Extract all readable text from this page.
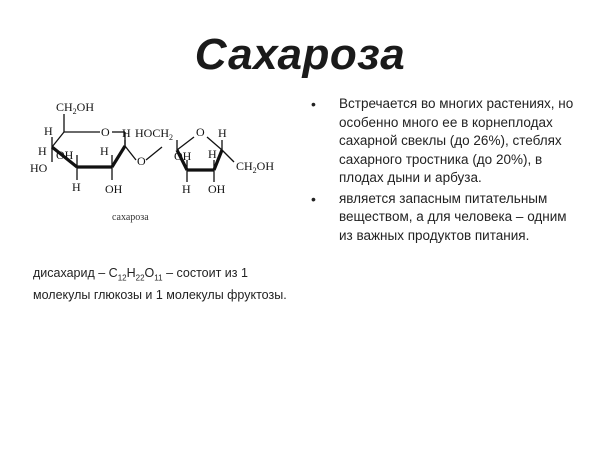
Сахароза
$CH_2OH$
H	O H
H OH H
HO
H OH
O
$HOCH_2$ O H
OH H
$CH_2OH$
H OH
сахароза
дисахарид – $C_{12}H_{22}O_{11}$ – состоит из 1 молекулы глюкозы и 1 молекулы фруктозы.
• Встречается во многих растениях, но особенно много ее в корнеплодах сахарной свеклы (до 26%), стеблях сахарного тростника (до 20%), в плодах дыни и арбуза.
• является запасным питательным веществом, а для человека – одним из важных продуктов питания.
